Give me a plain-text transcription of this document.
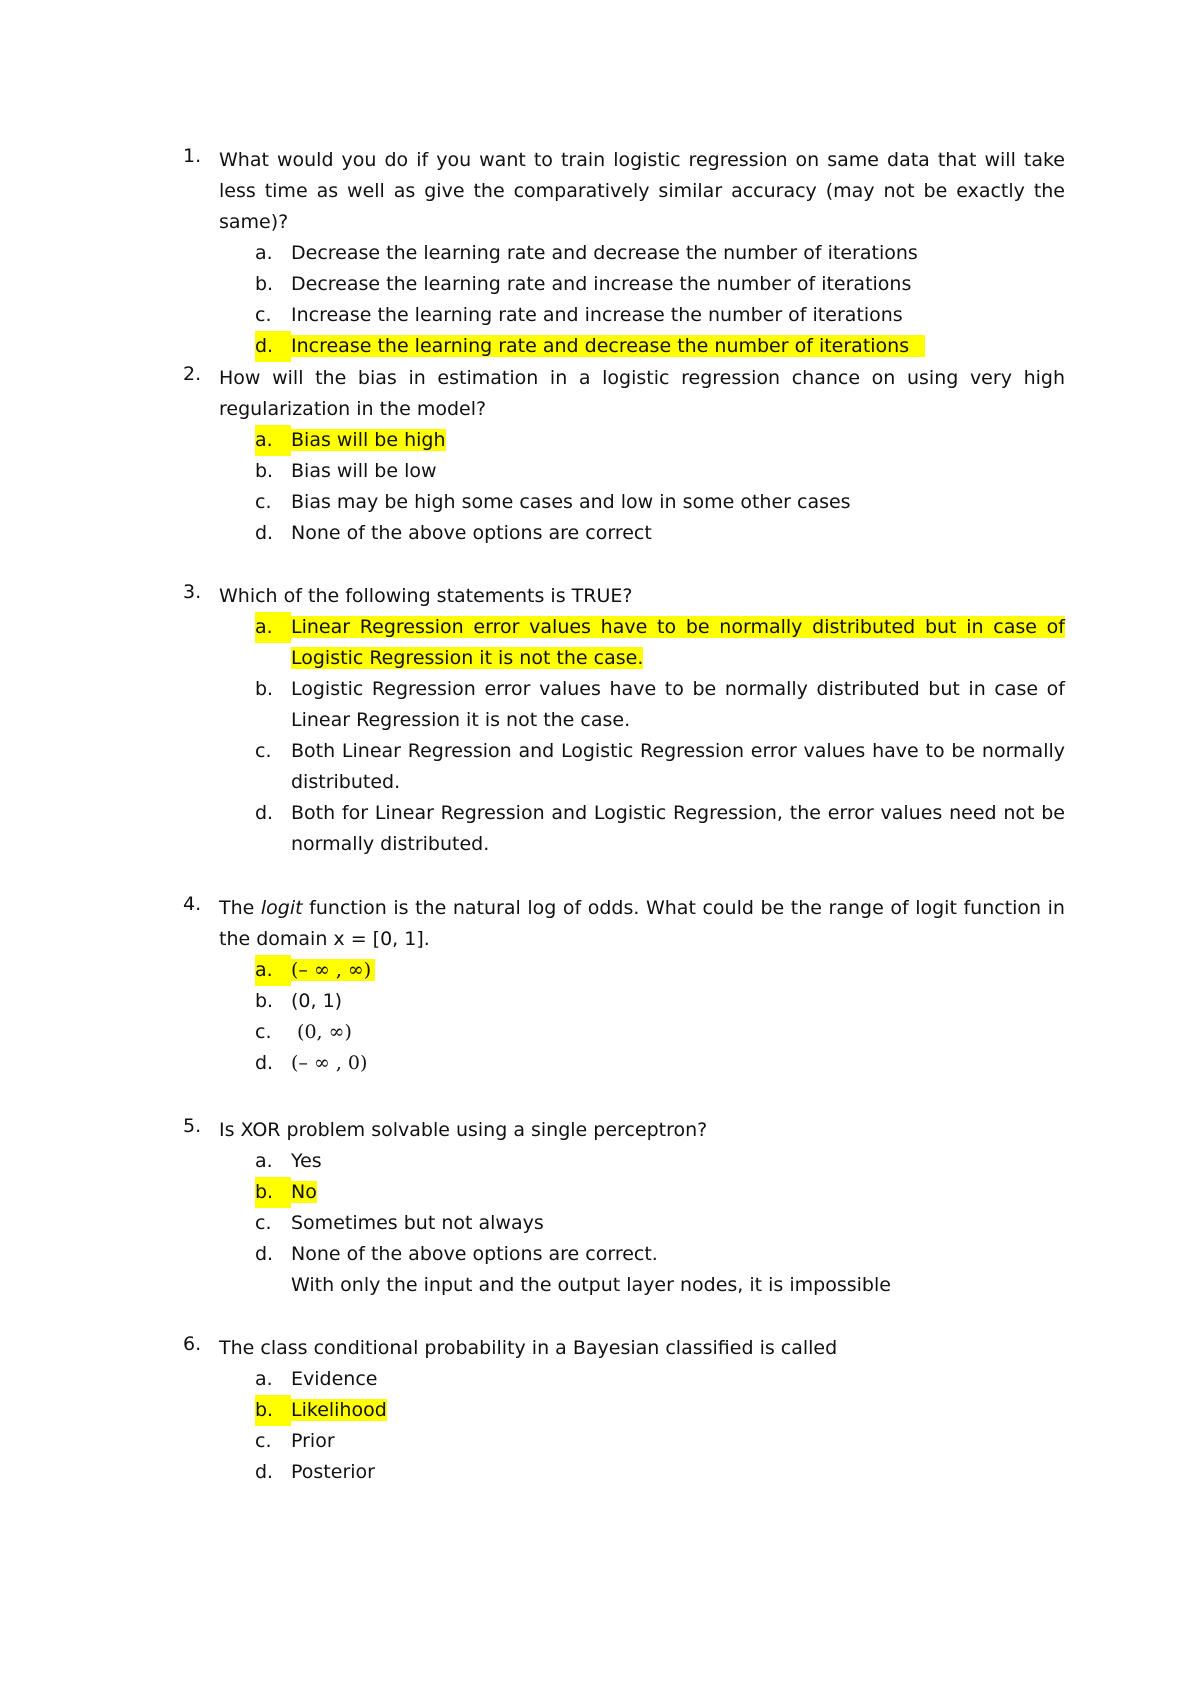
1. What would you do if you want to train logistic regression on same data that will take less time as well as give the comparatively similar accuracy (may not be exactly the same)?
a. Decrease the learning rate and decrease the number of iterations
b. Decrease the learning rate and increase the number of iterations
c.	Increase the learning rate and increase the number of iterations
d. Increase the learning rate and decrease the number of iterations
2. How will the bias in estimation in a logistic regression chance on using very high regularization in the model?
a. Bias will be high
b. Bias will be low
c.	Bias may be high some cases and low in some other cases
d. None of the above options are correct
3. Which of the following statements is TRUE?
a. Linear Regression error values have to be normally distributed but in case of Logistic Regression it is not the case.
b. Logistic Regression error values have to be normally distributed but in case of Linear Regression it is not the case.
c.	Both Linear Regression and Logistic Regression error values have to be normally distributed.
d. Both for Linear Regression and Logistic Regression, the error values need not be normally distributed.
4. The logit function is the natural log of odds. What could be the range of logit function in the domain x = [0, 1].
a. (– ∞ , ∞)
b. (0, 1)
c.	(0, ∞)
d. (– ∞ , 0)
5. Is XOR problem solvable using a single perceptron?
a. Yes
b. No
c.	Sometimes but not always
d. None of the above options are correct.
With only the input and the output layer nodes, it is impossible
6. The class conditional probability in a Bayesian classified is called
a. Evidence
b. Likelihood
c.	Prior
d. Posterior
